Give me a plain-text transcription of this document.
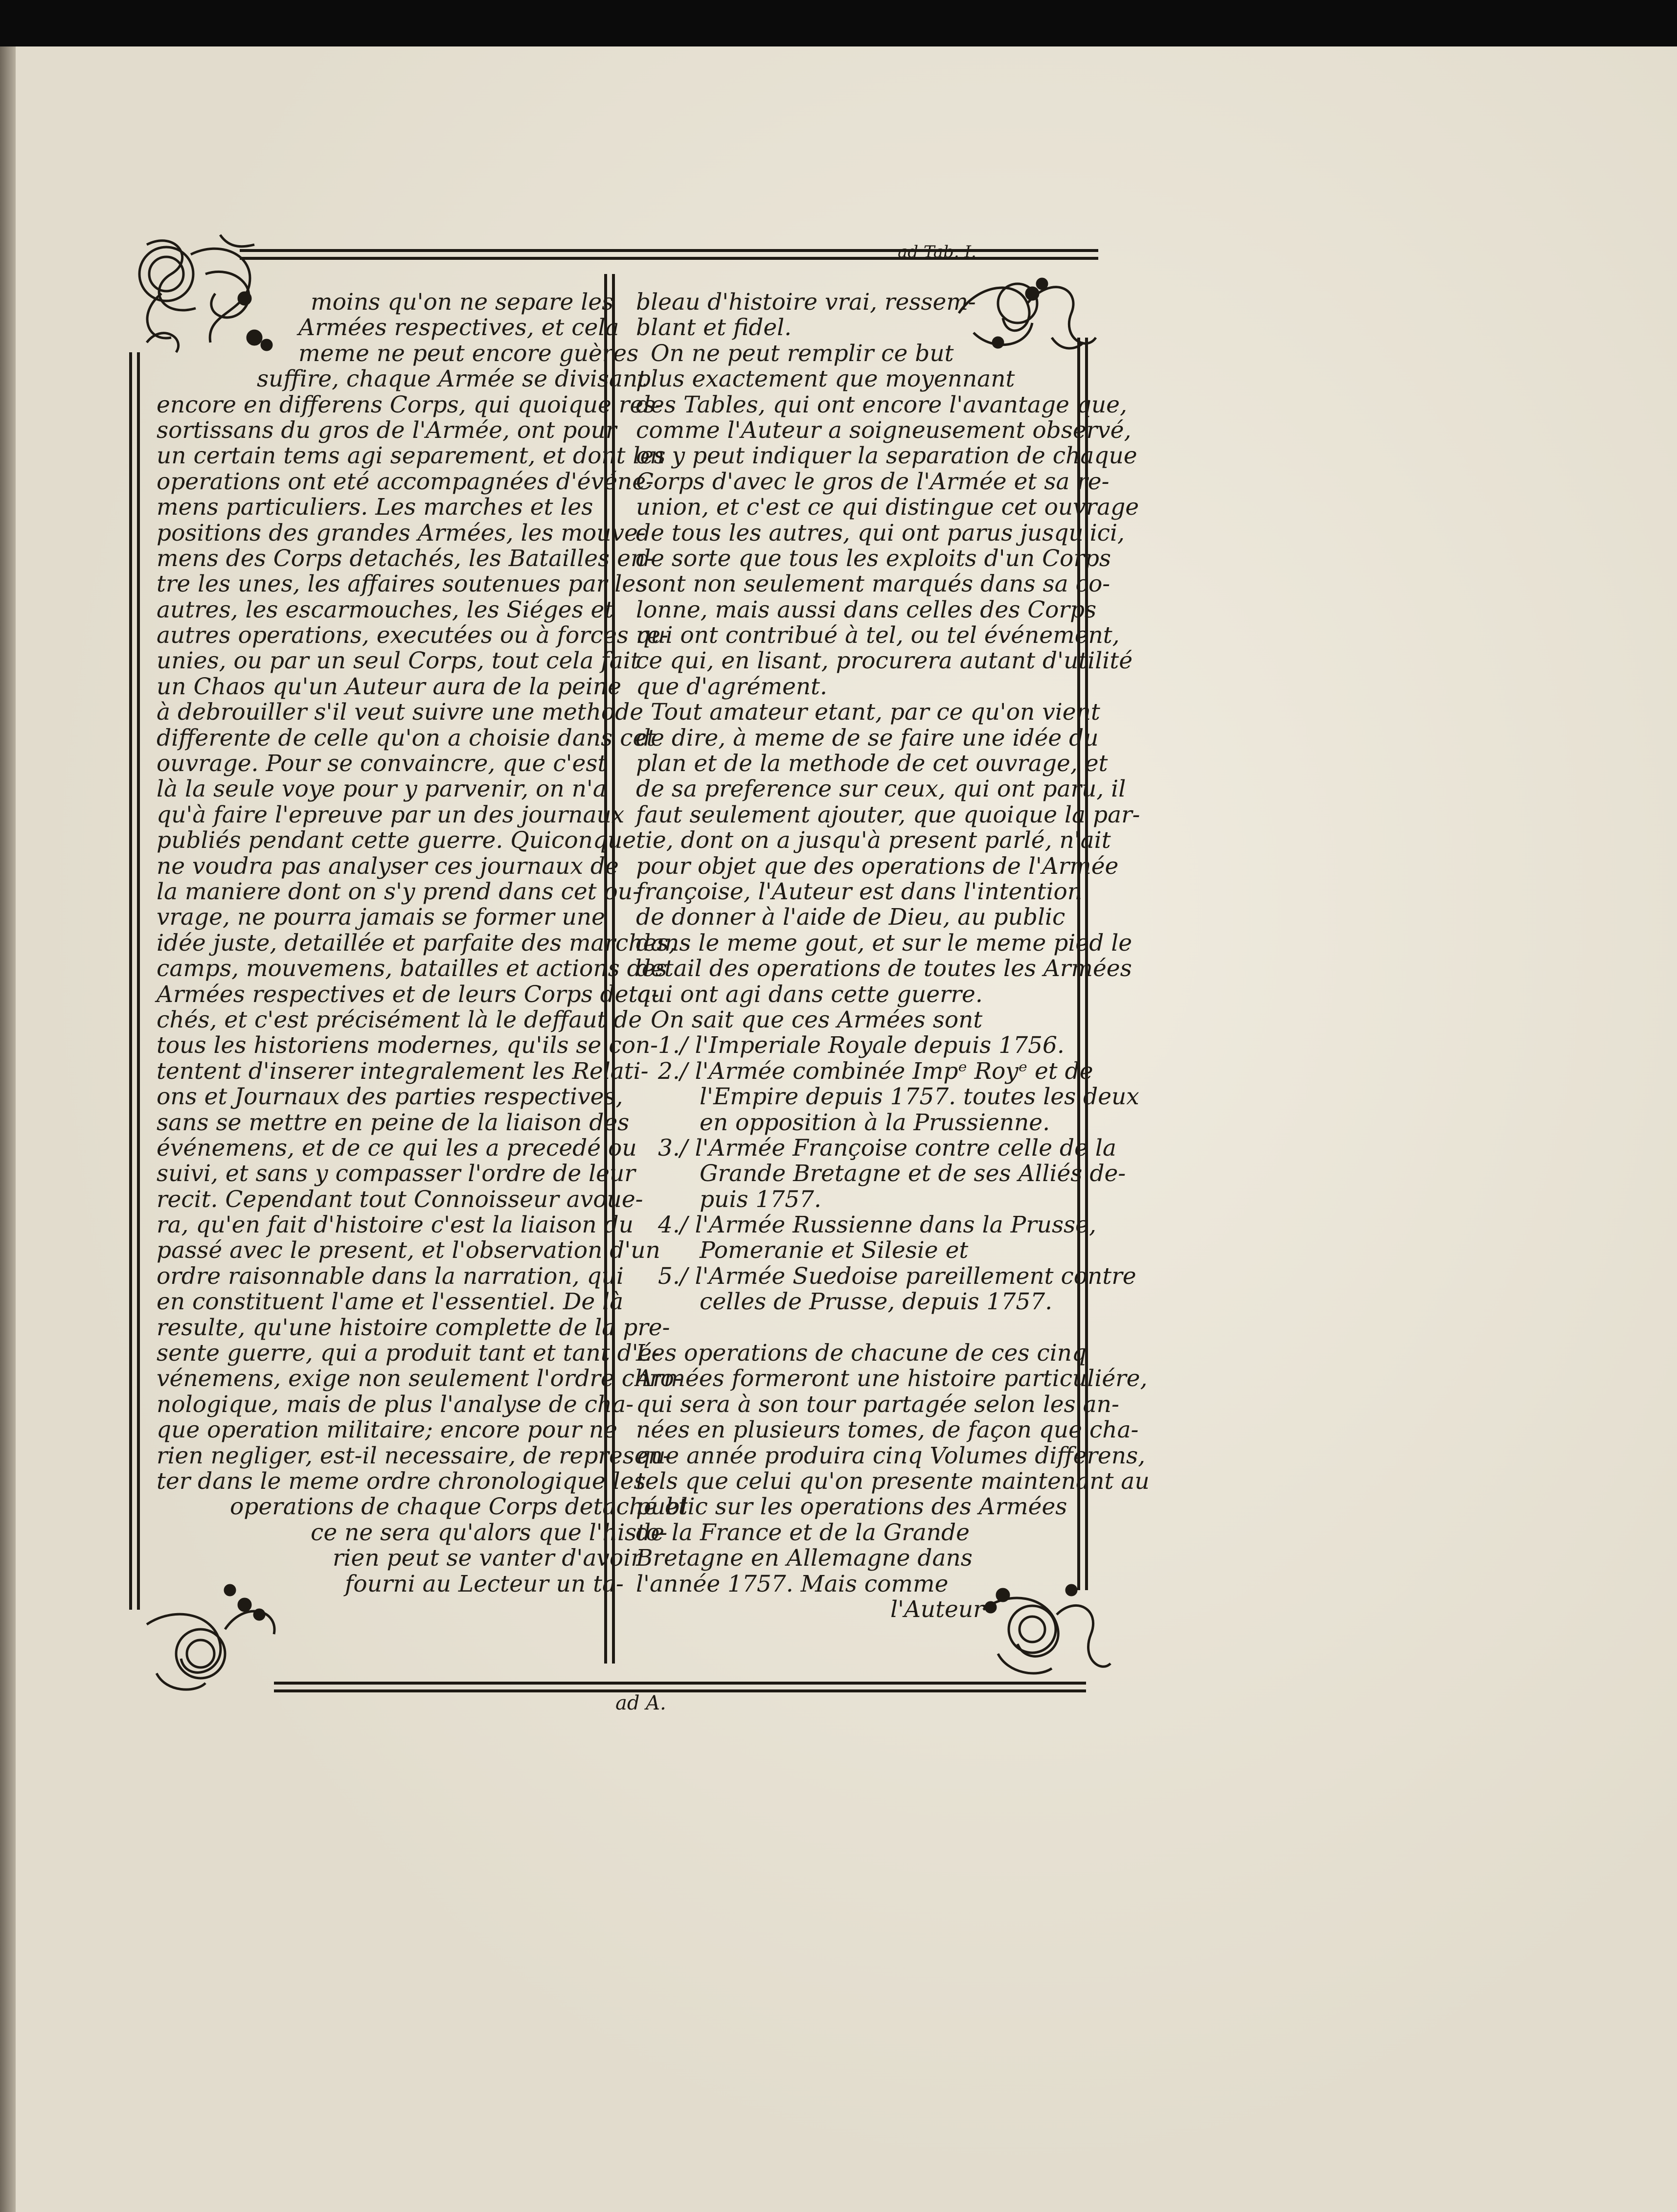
ad Tab. I.
moins qu'on ne separe les
Armées respectives, et cela
meme ne peut encore guères
suffire, chaque Armée se divisant
encore en differens Corps, qui quoique res-
sortissans du gros de l'Armée, ont pour
un certain tems agi separement, et dont les
operations ont eté accompagnées d'événe-
mens particuliers. Les marches et les
positions des grandes Armées, les mouve-
mens des Corps detachés, les Batailles en-
tre les unes, les affaires soutenues par les
autres, les escarmouches, les Siéges et
autres operations, executées ou à forces re-
unies, ou par un seul Corps, tout cela fait
un Chaos qu'un Auteur aura de la peine
à debrouiller s'il veut suivre une methode
differente de celle qu'on a choisie dans cet
ouvrage. Pour se convaincre, que c'est
là la seule voye pour y parvenir, on n'a
qu'à faire l'epreuve par un des journaux
publiés pendant cette guerre. Quiconque
ne voudra pas analyser ces journaux de
la maniere dont on s'y prend dans cet ou-
vrage, ne pourra jamais se former une
idée juste, detaillée et parfaite des marches,
camps, mouvemens, batailles et actions des
Armées respectives et de leurs Corps deta-
chés, et c'est précisément là le deffaut de
tous les historiens modernes, qu'ils se con-
tentent d'inserer integralement les Relati-
ons et Journaux des parties respectives,
sans se mettre en peine de la liaison des
événemens, et de ce qui les a precedé ou
suivi, et sans y compasser l'ordre de leur
recit. Cependant tout Connoisseur avoue-
ra, qu'en fait d'histoire c'est la liaison du
passé avec le present, et l'observation d'un
ordre raisonnable dans la narration, qui
en constituent l'ame et l'essentiel. De là
resulte, qu'une histoire complette de la pre-
sente guerre, qui a produit tant et tant d'é-
vénemens, exige non seulement l'ordre chro-
nologique, mais de plus l'analyse de cha-
que operation militaire; encore pour ne
rien negliger, est-il necessaire, de represen-
ter dans le meme ordre chronologique les
operations de chaque Corps detaché et
ce ne sera qu'alors que l'histo-
rien peut se vanter d'avoir
fourni au Lecteur un ta-
bleau d'histoire vrai, ressem-
blant et fidel.
On ne peut remplir ce but
plus exactement que moyennant
des Tables, qui ont encore l'avantage que,
comme l'Auteur a soigneusement observé,
on y peut indiquer la separation de chaque
Corps d'avec le gros de l'Armée et sa re-
union, et c'est ce qui distingue cet ouvrage
de tous les autres, qui ont parus jusqu'ici,
de sorte que tous les exploits d'un Corps
sont non seulement marqués dans sa co-
lonne, mais aussi dans celles des Corps
qui ont contribué à tel, ou tel événement,
ce qui, en lisant, procurera autant d'utilité
que d'agrément.
Tout amateur etant, par ce qu'on vient
de dire, à meme de se faire une idée du
plan et de la methode de cet ouvrage, et
de sa preference sur ceux, qui ont paru, il
faut seulement ajouter, que quoique la par-
tie, dont on a jusqu'à present parlé, n'ait
pour objet que des operations de l'Armée
françoise, l'Auteur est dans l'intention
de donner à l'aide de Dieu, au public
dans le meme gout, et sur le meme pied le
detail des operations de toutes les Armées
qui ont agi dans cette guerre.
On sait que ces Armées sont
1./ l'Imperiale Royale depuis 1756.
2./ l'Armée combinée Impᵉ Royᵉ et de
l'Empire depuis 1757. toutes les deux
en opposition à la Prussienne.
3./ l'Armée Françoise contre celle de la
Grande Bretagne et de ses Alliés de-
puis 1757.
4./ l'Armée Russienne dans la Prusse,
Pomeranie et Silesie et
5./ l'Armée Suedoise pareillement contre
celles de Prusse, depuis 1757.
Les operations de chacune de ces cinq
Armées formeront une histoire particuliére,
qui sera à son tour partagée selon les an-
nées en plusieurs tomes, de façon que cha-
que année produira cinq Volumes differens,
tels que celui qu'on presente maintenant au
public sur les operations des Armées
de la France et de la Grande
Bretagne en Allemagne dans
l'année 1757. Mais comme
l'Auteur
ad A.
